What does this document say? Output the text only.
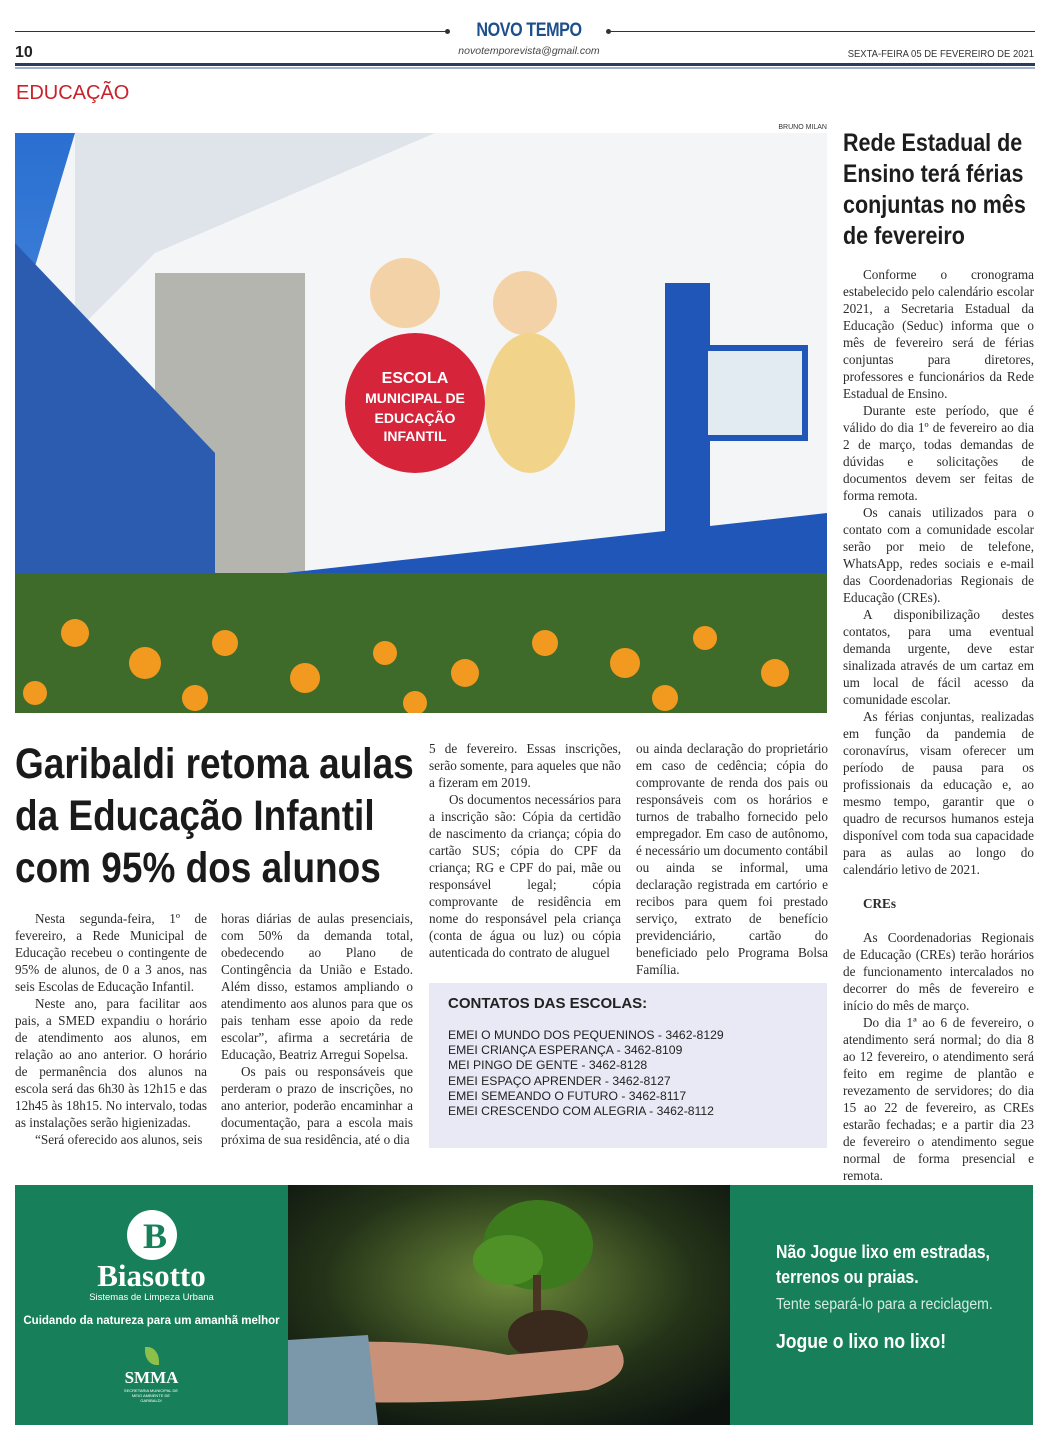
NOVO TEMPO
novotemporevista@gmail.com
10	SEXTA-FEIRA 05 DE FEVEREIRO DE 2021
EDUCAÇÃO
BRUNO MILAN
ESCOLA
MUNICIPAL DE
EDUCAÇÃO
INFANTIL
Rede Estadual de Ensino terá férias conjuntas no mês de fevereiro

Conforme o cronograma estabelecido pelo calendário escolar 2021, a Secretaria Estadual da Educação (Seduc) informa que o mês de fevereiro será de férias conjuntas para diretores, professores e funcionários da Rede Estadual de Ensino.

Durante este período, que é válido do dia 1º de fevereiro ao dia 2 de março, todas demandas de dúvidas e solicitações de documentos devem ser feitas de forma remota.

Os canais utilizados para o contato com a comunidade escolar serão por meio de telefone, WhatsApp, redes sociais e e-mail das Coordenadorias Regionais de Educação (CREs).

A disponibilização destes contatos, para uma eventual demanda urgente, deve estar sinalizada através de um cartaz em um local de fácil acesso da comunidade escolar.

As férias conjuntas, realizadas em função da pandemia de coronavírus, visam oferecer um período de pausa para os profissionais da educação e, ao mesmo tempo, garantir que o quadro de recursos humanos esteja disponível com toda sua capacidade para as aulas ao longo do calendário letivo de 2021.

CREs

As Coordenadorias Regionais de Educação (CREs) terão horários de funcionamento intercalados no decorrer do mês de fevereiro e início do mês de março.

Do dia 1ª ao 6 de fevereiro, o atendimento será normal; do dia 8 ao 12 fevereiro, o atendimento será feito em regime de plantão e revezamento de servidores; do dia 15 ao 22 de fevereiro, as CREs estarão fechadas; e a partir dia 23 de fevereiro o atendimento segue normal de forma presencial e remota.

Garibaldi retoma aulas da Educação Infantil com 95% dos alunos

Nesta segunda-feira, 1º de fevereiro, a Rede Municipal de Educação recebeu o contingente de 95% de alunos, de 0 a 3 anos, nas seis Escolas de Educação Infantil.

Neste ano, para facilitar aos pais, a SMED expandiu o horário de atendimento aos alunos, em relação ao ano anterior. O horário de permanência dos alunos na escola será das 6h30 às 12h15 e das 12h45 às 18h15. No intervalo, todas as instalações serão higienizadas.

“Será oferecido aos alunos, seis

horas diárias de aulas presenciais, com 50% da demanda total, obedecendo ao Plano de Contingência da União e Estado. Além disso, estamos ampliando o atendimento aos alunos para que os pais tenham esse apoio da rede escolar”, afirma a secretária de Educação, Beatriz Arregui Sopelsa.

Os pais ou responsáveis que perderam o prazo de inscrições, no ano anterior, poderão encaminhar a documentação, para a escola mais próxima de sua residência, até o dia

5 de fevereiro. Essas inscrições, serão somente, para aqueles que não a fizeram em 2019.

Os documentos necessários para a inscrição são: Cópia da certidão de nascimento da criança; cópia do cartão SUS; cópia do CPF da criança; RG e CPF do pai, mãe ou responsável legal; cópia comprovante de residência em nome do responsável pela criança (conta de água ou luz) ou cópia autenticada do contrato de aluguel

ou ainda declaração do proprietário em caso de cedência; cópia do comprovante de renda dos pais ou responsáveis com os horários e turnos de trabalho fornecido pelo empregador. Em caso de autônomo, é necessário um documento contábil ou ainda se informal, uma declaração registrada em cartório e recibos para quem foi prestado serviço, extrato de benefício previdenciário, cartão do beneficiado pelo Programa Bolsa Família.

CONTATOS DAS ESCOLAS:
EMEI O MUNDO DOS PEQUENINOS - 3462-8129
EMEI CRIANÇA ESPERANÇA - 3462-8109
MEI PINGO DE GENTE - 3462-8128
EMEI ESPAÇO APRENDER - 3462-8127
EMEI SEMEANDO O FUTURO - 3462-8117
EMEI CRESCENDO COM ALEGRIA - 3462-8112
B
Biasotto
Sistemas de Limpeza Urbana
Cuidando da natureza para um amanhã melhor
SMMA
SECRETARIA MUNICIPAL DE MEIO AMBIENTE DE GARIBALDI
Não Jogue lixo em estradas, terrenos ou praias.
Tente separá-lo para a reciclagem.
Jogue o lixo no lixo!
